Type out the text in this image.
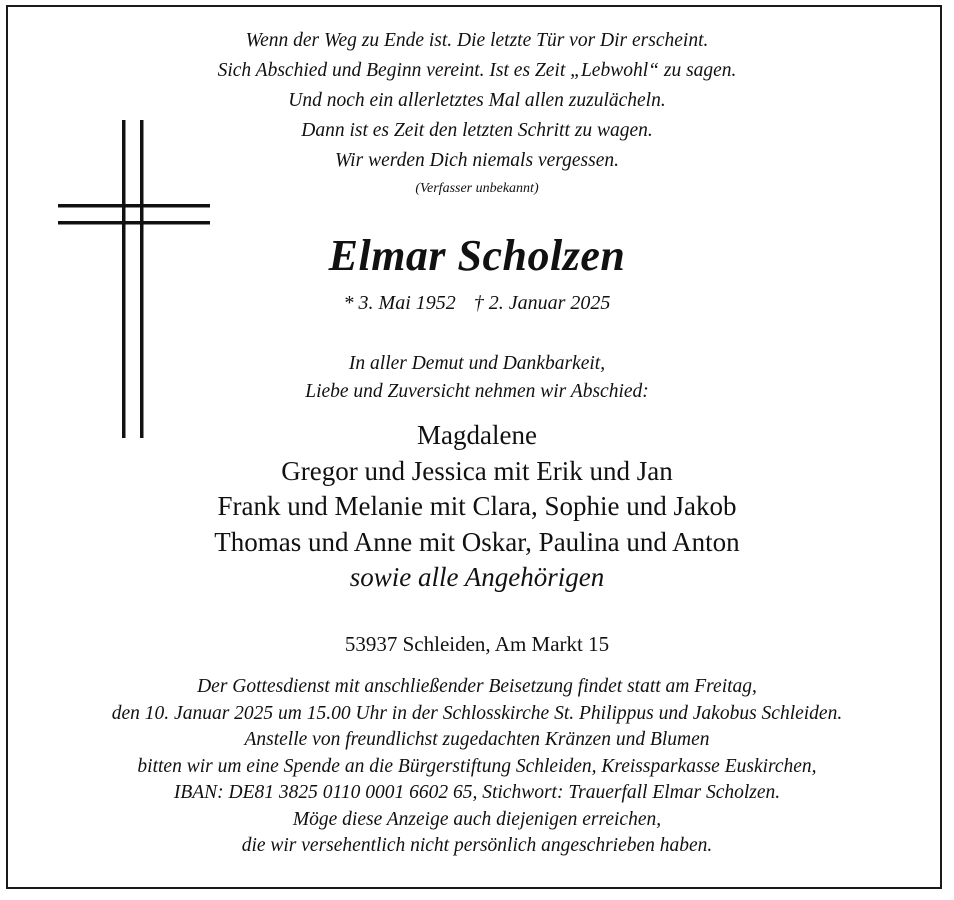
Wenn der Weg zu Ende ist. Die letzte Tür vor Dir erscheint.
Sich Abschied und Beginn vereint. Ist es Zeit „Lebwohl“ zu sagen.
Und noch ein allerletztes Mal allen zuzulächeln.
Dann ist es Zeit den letzten Schritt zu wagen.
Wir werden Dich niemals vergessen.
(Verfasser unbekannt)
Elmar Scholzen
* 3. Mai 1952 † 2. Januar 2025
In aller Demut und Dankbarkeit,
Liebe und Zuversicht nehmen wir Abschied:
Magdalene
Gregor und Jessica mit Erik und Jan
Frank und Melanie mit Clara, Sophie und Jakob
Thomas und Anne mit Oskar, Paulina und Anton
sowie alle Angehörigen
53937 Schleiden, Am Markt 15
Der Gottesdienst mit anschließender Beisetzung findet statt am Freitag,
den 10. Januar 2025 um 15.00 Uhr in der Schlosskirche St. Philippus und Jakobus Schleiden.
Anstelle von freundlichst zugedachten Kränzen und Blumen
bitten wir um eine Spende an die Bürgerstiftung Schleiden, Kreissparkasse Euskirchen,
IBAN: DE81 3825 0110 0001 6602 65, Stichwort: Trauerfall Elmar Scholzen.
Möge diese Anzeige auch diejenigen erreichen,
die wir versehentlich nicht persönlich angeschrieben haben.
